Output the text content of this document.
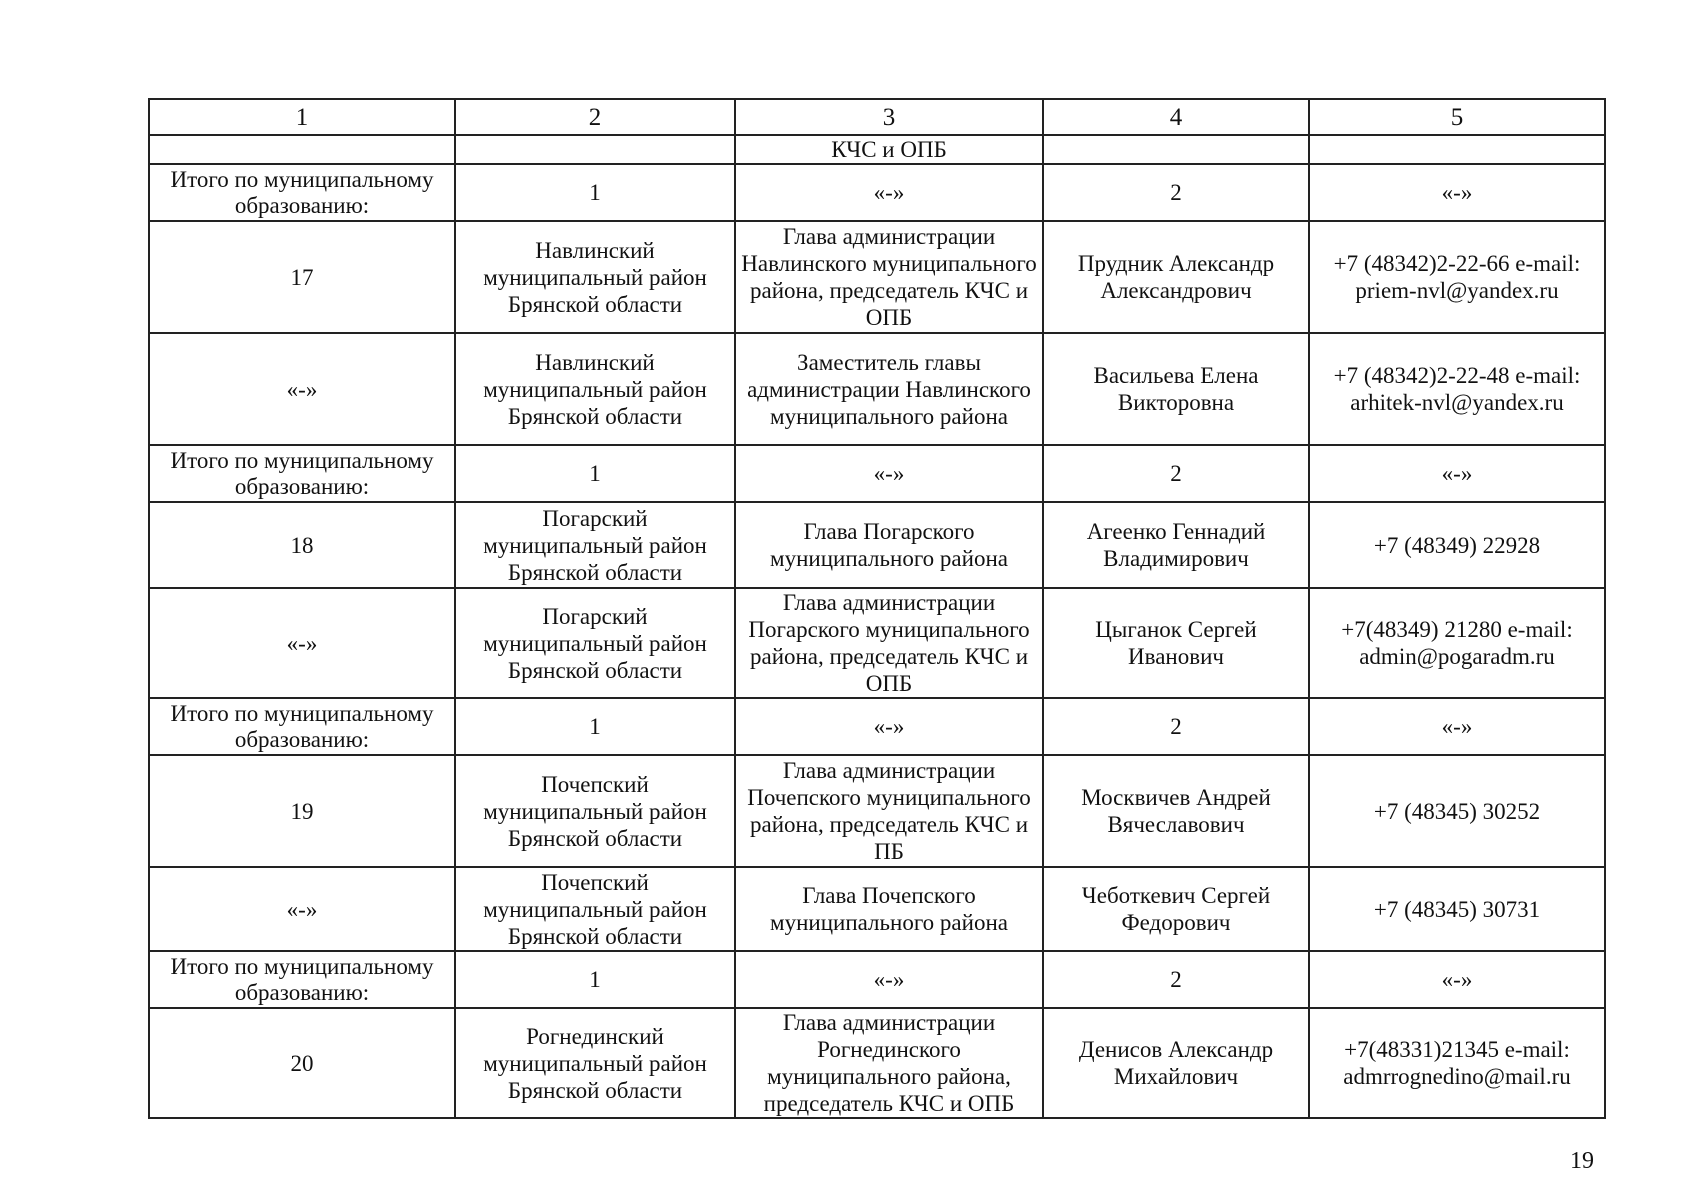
1	2	3	4	5
		КЧС и ОПБ		
Итого по муниципальному образованию:	1	«-»	2	«-»
17	Навлинский муниципальный район Брянской области	Глава администрации Навлинского муниципального района, председатель КЧС и ОПБ	Прудник Александр Александрович	+7 (48342)2-22-66 e-mail: priem-nvl@yandex.ru
«-»	Навлинский муниципальный район Брянской области	Заместитель главы администрации Навлинского муниципального района	Васильева Елена Викторовна	+7 (48342)2-22-48 e-mail: arhitek-nvl@yandex.ru
Итого по муниципальному образованию:	1	«-»	2	«-»
18	Погарский муниципальный район Брянской области	Глава Погарского муниципального района	Агеенко Геннадий Владимирович	+7 (48349) 22928
«-»	Погарский муниципальный район Брянской области	Глава администрации Погарского муниципального района, председатель КЧС и ОПБ	Цыганок Сергей Иванович	+7(48349) 21280 e-mail: admin@pogaradm.ru
Итого по муниципальному образованию:	1	«-»	2	«-»
19	Почепский муниципальный район Брянской области	Глава администрации Почепского муниципального района, председатель КЧС и ПБ	Москвичев Андрей Вячеславович	+7 (48345) 30252
«-»	Почепский муниципальный район Брянской области	Глава Почепского муниципального района	Чеботкевич Сергей Федорович	+7 (48345) 30731
Итого по муниципальному образованию:	1	«-»	2	«-»
20	Рогнединский муниципальный район Брянской области	Глава администрации Рогнединского муниципального района, председатель КЧС и ОПБ	Денисов Александр Михайлович	+7(48331)21345 e-mail: admrrognedino@mail.ru
19
